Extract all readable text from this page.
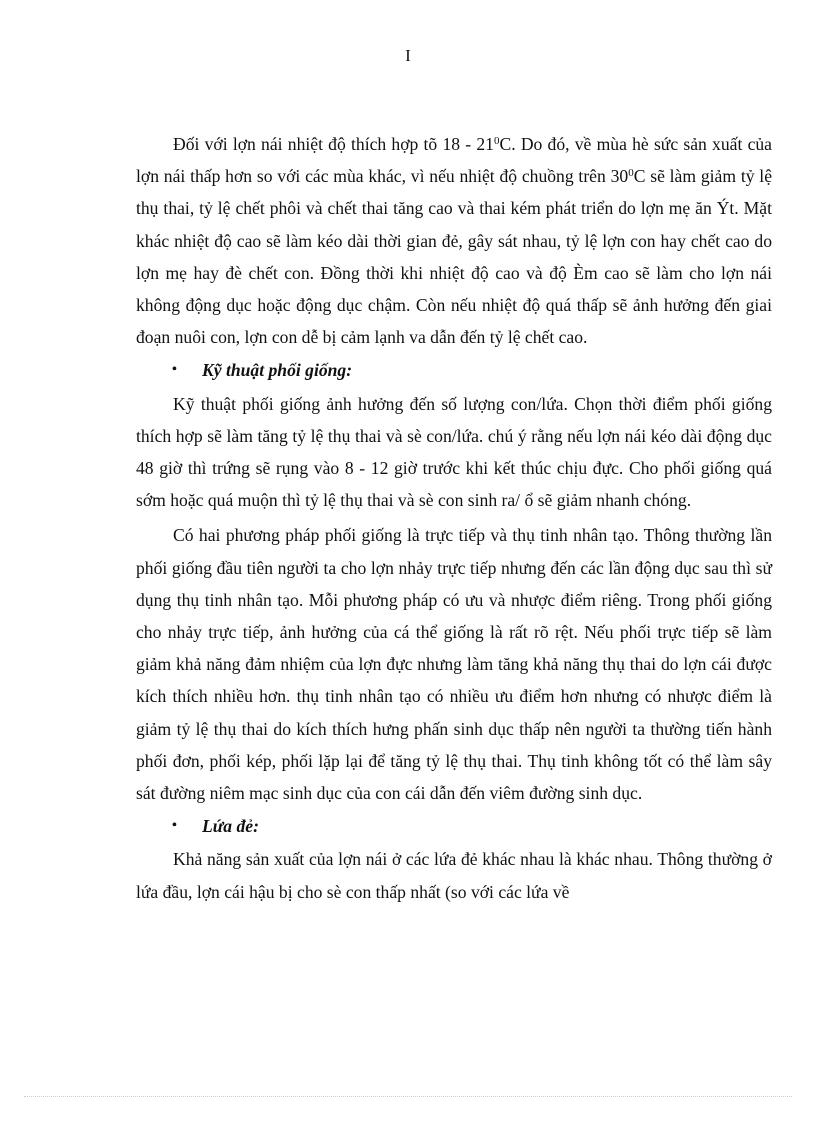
I

Đối với lợn nái nhiệt độ thích hợp tõ $18 - 21^0C$. Do đó, về mùa hè sức sản xuất của lợn nái thấp hơn so với các mùa khác, vì nếu nhiệt độ chuồng trên $30^0C$ sẽ làm giảm tỷ lệ thụ thai, tỷ lệ chết phôi và chết thai tăng cao và thai kém phát triển do lợn mẹ ăn Ýt. Mặt khác nhiệt độ cao sẽ làm kéo dài thời gian đẻ, gây sát nhau, tỷ lệ lợn con hay chết cao do lợn mẹ hay đè chết con. Đồng thời khi nhiệt độ cao và độ Èm cao sẽ làm cho lợn nái không động dục hoặc động dục chậm. Còn nếu nhiệt độ quá thấp sẽ ảnh hưởng đến giai đoạn nuôi con, lợn con dễ bị cảm lạnh va dẫn đến tỷ lệ chết cao.

• Kỹ thuật phối giống:

Kỹ thuật phối giống ảnh hưởng đến số lượng con/lứa. Chọn thời điểm phối giống thích hợp sẽ làm tăng tỷ lệ thụ thai và sè con/lứa. chú ý rằng nếu lợn nái kéo dài động dục 48 giờ thì trứng sẽ rụng vào 8 - 12 giờ trước khi kết thúc chịu đực. Cho phối giống quá sớm hoặc quá muộn thì tỷ lệ thụ thai và sè con sinh ra/ ổ sẽ giảm nhanh chóng.

Có hai phương pháp phối giống là trực tiếp và thụ tinh nhân tạo. Thông thường lần phối giống đầu tiên người ta cho lợn nhảy trực tiếp nhưng đến các lần động dục sau thì sử dụng thụ tinh nhân tạo. Mỗi phương pháp có ưu và nhược điểm riêng. Trong phối giống cho nhảy trực tiếp, ảnh hưởng của cá thể giống là rất rõ rệt. Nếu phối trực tiếp sẽ làm giảm khả năng đảm nhiệm của lợn đực nhưng làm tăng khả năng thụ thai do lợn cái được kích thích nhiều hơn. thụ tinh nhân tạo có nhiều ưu điểm hơn nhưng có nhược điểm là giảm tỷ lệ thụ thai do kích thích hưng phấn sinh dục thấp nên người ta thường tiến hành phối đơn, phối kép, phối lặp lại để tăng tỷ lệ thụ thai. Thụ tinh không tốt có thể làm sây sát đường niêm mạc sinh dục của con cái dẫn đến viêm đường sinh dục.

• Lứa đẻ:

Khả năng sản xuất của lợn nái ở các lứa đẻ khác nhau là khác nhau. Thông thường ở lứa đầu, lợn cái hậu bị cho sè con thấp nhất (so với các lứa về
